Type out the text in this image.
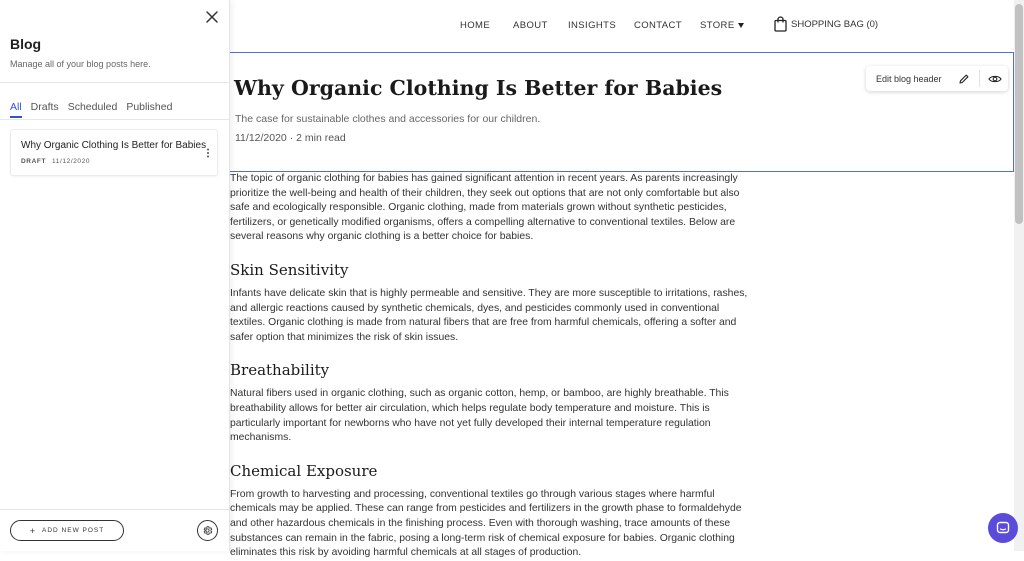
Blog
Manage all of your blog posts here.
All Drafts Scheduled Published
Why Organic Clothing Is Better for Babies
DRAFT 11/12/2020
+ ADD NEW POST
HOME ABOUT INSIGHTS CONTACT STORE	SHOPPING BAG (0)
Edit blog header
Why Organic Clothing Is Better for Babies
The case for sustainable clothes and accessories for our children.
11/12/2020 · 2 min read

The topic of organic clothing for babies has gained significant attention in recent years. As parents increasingly prioritize the well-being and health of their children, they seek out options that are not only comfortable but also safe and ecologically responsible. Organic clothing, made from materials grown without synthetic pesticides, fertilizers, or genetically modified organisms, offers a compelling alternative to conventional textiles. Below are several reasons why organic clothing is a better choice for babies.

Skin Sensitivity

Infants have delicate skin that is highly permeable and sensitive. They are more susceptible to irritations, rashes, and allergic reactions caused by synthetic chemicals, dyes, and pesticides commonly used in conventional textiles. Organic clothing is made from natural fibers that are free from harmful chemicals, offering a softer and safer option that minimizes the risk of skin issues.

Breathability

Natural fibers used in organic clothing, such as organic cotton, hemp, or bamboo, are highly breathable. This breathability allows for better air circulation, which helps regulate body temperature and moisture. This is particularly important for newborns who have not yet fully developed their internal temperature regulation mechanisms.

Chemical Exposure

From growth to harvesting and processing, conventional textiles go through various stages where harmful chemicals may be applied. These can range from pesticides and fertilizers in the growth phase to formaldehyde and other hazardous chemicals in the finishing process. Even with thorough washing, trace amounts of these substances can remain in the fabric, posing a long-term risk of chemical exposure for babies. Organic clothing eliminates this risk by avoiding harmful chemicals at all stages of production.
